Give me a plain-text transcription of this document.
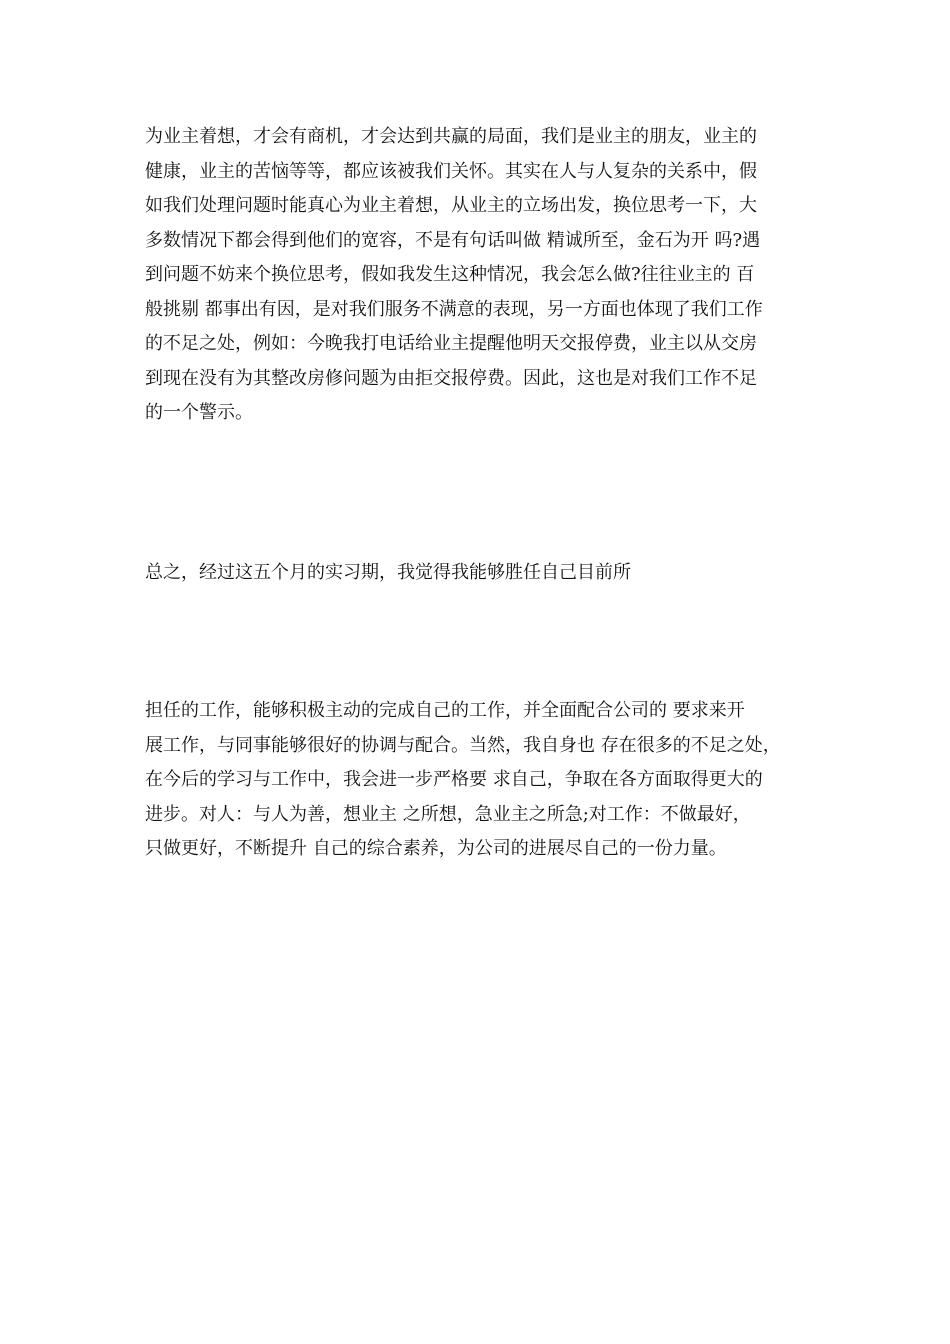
为业主着想，才会有商机，才会达到共赢的局面，我们是业主的朋友，业主的
健康，业主的苦恼等等，都应该被我们关怀。其实在人与人复杂的关系中，假
如我们处理问题时能真心为业主着想，从业主的立场出发，换位思考一下，大
多数情况下都会得到他们的宽容，不是有句话叫做 精诚所至，金石为开 吗?遇
到问题不妨来个换位思考，假如我发生这种情况，我会怎么做?往往业主的 百
般挑剔 都事出有因，是对我们服务不满意的表现，另一方面也体现了我们工作
的不足之处，例如：今晚我打电话给业主提醒他明天交报停费，业主以从交房
到现在没有为其整改房修问题为由拒交报停费。因此，这也是对我们工作不足
的一个警示。
总之，经过这五个月的实习期，我觉得我能够胜任自己目前所
担任的工作，能够积极主动的完成自己的工作，并全面配合公司的 要求来开
展工作，与同事能够很好的协调与配合。当然，我自身也 存在很多的不足之处，
在今后的学习与工作中，我会进一步严格要 求自己，争取在各方面取得更大的
进步。对人：与人为善，想业主 之所想，急业主之所急;对工作：不做最好，
只做更好，不断提升 自己的综合素养，为公司的进展尽自己的一份力量。
